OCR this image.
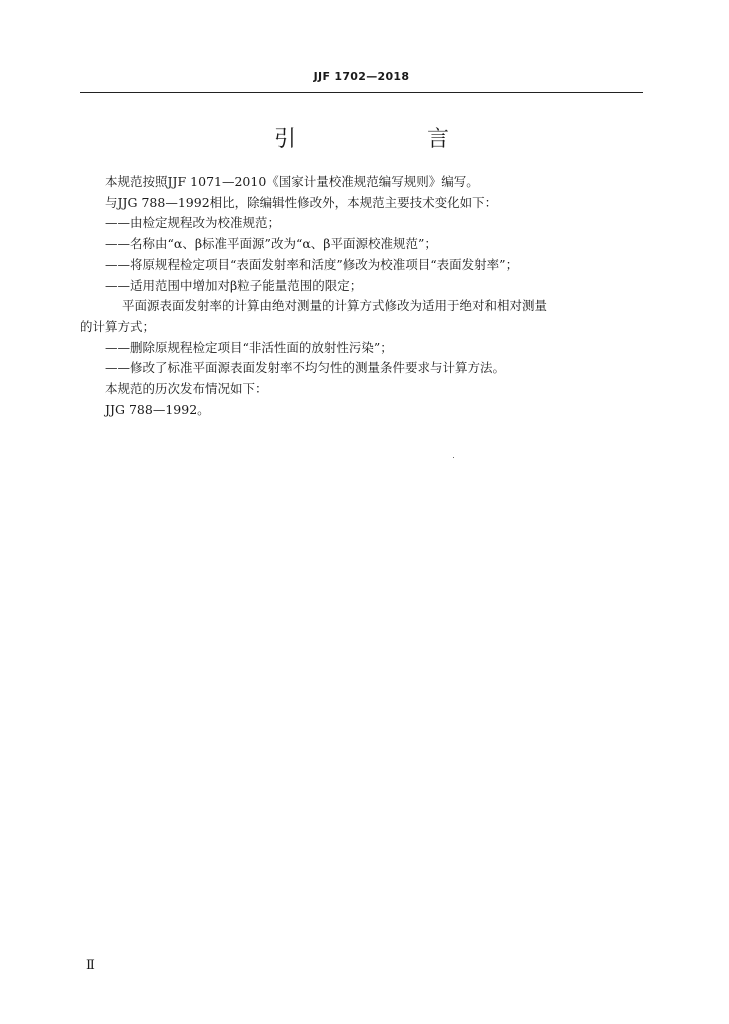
JJF 1702—2018
引 言

本规范按照JJF 1071—2010《国家计量校准规范编写规则》编写。

与JJG 788—1992相比，除编辑性修改外，本规范主要技术变化如下：

——由检定规程改为校准规范；

——名称由“α、β标准平面源”改为“α、β平面源校准规范”；

——将原规程检定项目“表面发射率和活度”修改为校准项目“表面发射率”；

——适用范围中增加对β粒子能量范围的限定；

平面源表面发射率的计算由绝对测量的计算方式修改为适用于绝对和相对测量

的计算方式；

——删除原规程检定项目“非活性面的放射性污染”；

——修改了标准平面源表面发射率不均匀性的测量条件要求与计算方法。

本规范的历次发布情况如下：

JJG 788—1992。

Ⅱ
